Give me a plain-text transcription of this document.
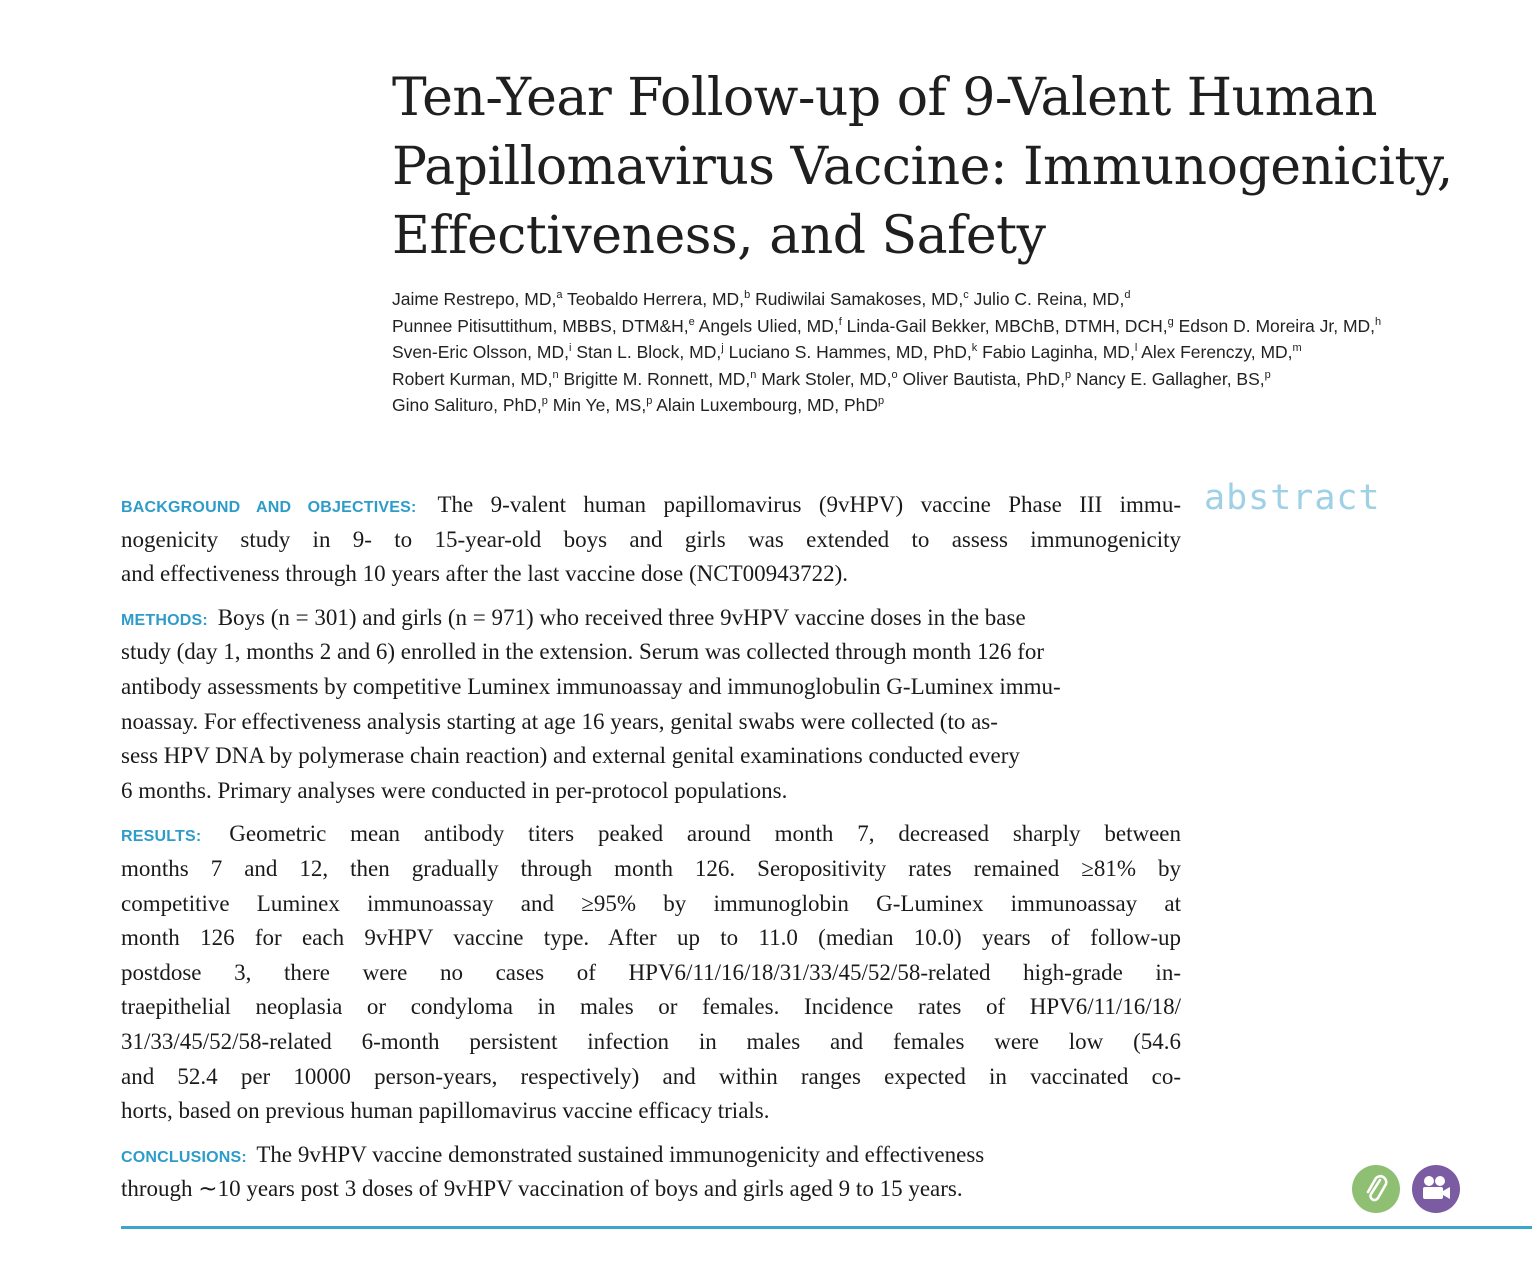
Ten-Year Follow-up of 9-Valent Human
Papillomavirus Vaccine: Immunogenicity,
Effectiveness, and Safety
Jaime Restrepo, MD,$^a$ Teobaldo Herrera, MD,$^b$ Rudiwilai Samakoses, MD,$^c$ Julio C. Reina, MD,$^d$
Punnee Pitisuttithum, MBBS, DTM&H,$^e$ Angels Ulied, MD,$^f$ Linda-Gail Bekker, MBChB, DTMH, DCH,$^g$ Edson D. Moreira Jr, MD,$^h$
Sven-Eric Olsson, MD,$^i$ Stan L. Block, MD,$^j$ Luciano S. Hammes, MD, PhD,$^k$ Fabio Laginha, MD,$^l$ Alex Ferenczy, MD,$^m$
Robert Kurman, MD,$^n$ Brigitte M. Ronnett, MD,$^n$ Mark Stoler, MD,$^o$ Oliver Bautista, PhD,$^p$ Nancy E. Gallagher, BS,$^p$
Gino Salituro, PhD,$^p$ Min Ye, MS,$^p$ Alain Luxembourg, MD, PhD$^p$
abstract
BACKGROUND AND OBJECTIVES: The 9-valent human papillomavirus (9vHPV) vaccine Phase III immu-
nogenicity study in 9- to 15-year-old boys and girls was extended to assess immunogenicity
and effectiveness through 10 years after the last vaccine dose (NCT00943722).
METHODS: Boys (n = 301) and girls (n = 971) who received three 9vHPV vaccine doses in the base
study (day 1, months 2 and 6) enrolled in the extension. Serum was collected through month 126 for
antibody assessments by competitive Luminex immunoassay and immunoglobulin G-Luminex immu-
noassay. For effectiveness analysis starting at age 16 years, genital swabs were collected (to as-
sess HPV DNA by polymerase chain reaction) and external genital examinations conducted every
6 months. Primary analyses were conducted in per-protocol populations.
RESULTS: Geometric mean antibody titers peaked around month 7, decreased sharply between
months 7 and 12, then gradually through month 126. Seropositivity rates remained ≥81% by
competitive Luminex immunoassay and ≥95% by immunoglobin G-Luminex immunoassay at
month 126 for each 9vHPV vaccine type. After up to 11.0 (median 10.0) years of follow-up
postdose 3, there were no cases of HPV6/11/16/18/31/33/45/52/58-related high-grade in-
traepithelial neoplasia or condyloma in males or females. Incidence rates of HPV6/11/16/18/
31/33/45/52/58-related 6-month persistent infection in males and females were low (54.6
and 52.4 per 10000 person-years, respectively) and within ranges expected in vaccinated co-
horts, based on previous human papillomavirus vaccine efficacy trials.
CONCLUSIONS: The 9vHPV vaccine demonstrated sustained immunogenicity and effectiveness
through ∼10 years post 3 doses of 9vHPV vaccination of boys and girls aged 9 to 15 years.
